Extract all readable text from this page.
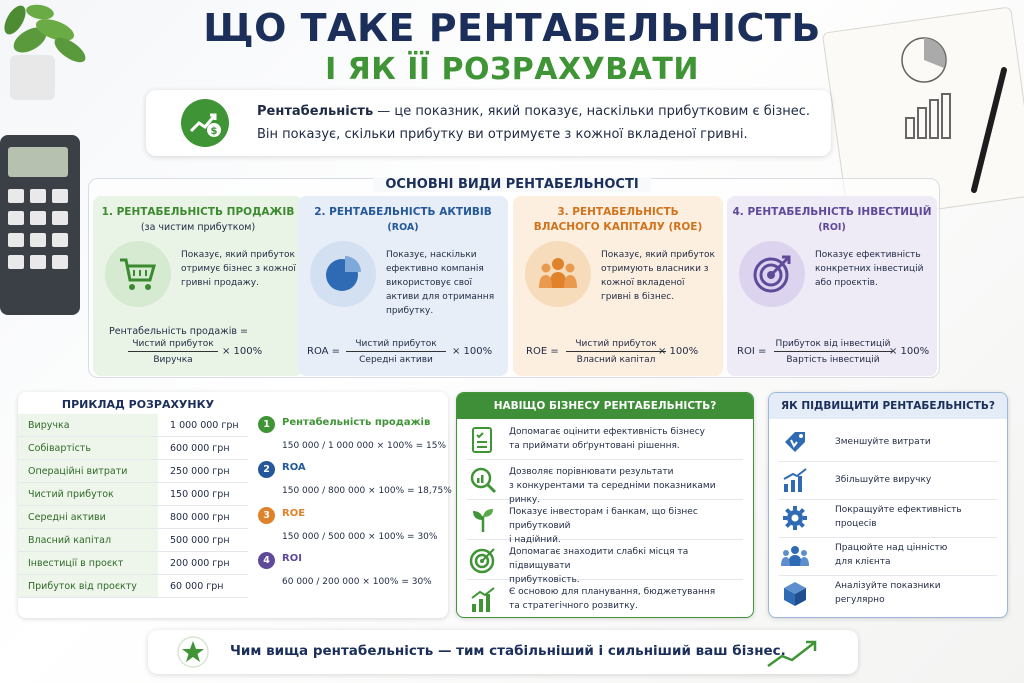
ЩО ТАКЕ РЕНТАБЕЛЬНІСТЬ
І ЯК ЇЇ РОЗРАХУВАТИ
$
Рентабельність — це показник, який показує, наскільки прибутковим є бізнес.
Він показує, скільки прибутку ви отримуєте з кожної вкладеної гривні.
ОСНОВНІ ВИДИ РЕНТАБЕЛЬНОСТІ
1. РЕНТАБЕЛЬНІСТЬ ПРОДАЖІВ
(за чистим прибутком)
Показує, який прибуток отримує бізнес з кожної гривні продажу.
Рентабельність продажів =
Чистий прибуток
Виручка
× 100%
2. РЕНТАБЕЛЬНІСТЬ АКТИВІВ
(ROA)
Показує, наскільки ефективно компанія використовує свої активи для отримання прибутку.
ROA =
Чистий прибуток
Середні активи
× 100%
3. РЕНТАБЕЛЬНІСТЬ
ВЛАСНОГО КАПІТАЛУ (ROE)
Показує, який прибуток отримують власники з кожної вкладеної гривні в бізнес.
ROE =
Чистий прибуток
Власний капітал
× 100%
4. РЕНТАБЕЛЬНІСТЬ ІНВЕСТИЦІЙ
(ROI)
Показує ефективність конкретних інвестицій або проєктів.
ROI =
Прибуток від інвестицій
Вартість інвестицій
× 100%
ПРИКЛАД РОЗРАХУНКУ
Виручка	1 000 000 грн
Собівартість	600 000 грн
Операційні витрати	250 000 грн
Чистий прибуток	150 000 грн
Середні активи	800 000 грн
Власний капітал	500 000 грн
Інвестиції в проєкт	200 000 грн
Прибуток від проєкту	60 000 грн
1	Рентабельність продажів
150 000 / 1 000 000 × 100% = 15%
2	ROA
150 000 / 800 000 × 100% = 18,75%
3	ROE
150 000 / 500 000 × 100% = 30%
4	ROI
60 000 / 200 000 × 100% = 30%
НАВІЩО БІЗНЕСУ РЕНТАБЕЛЬНІСТЬ?
Допомагає оцінити ефективність бізнесу
та приймати обґрунтовані рішення.
Дозволяє порівнювати результати
з конкурентами та середніми показниками ринку.
Показує інвесторам і банкам, що бізнес прибутковий
і надійний.
Допомагає знаходити слабкі місця та підвищувати
прибутковість.
Є основою для планування, бюджетування
та стратегічного розвитку.
ЯК ПІДВИЩИТИ РЕНТАБЕЛЬНІСТЬ?
Зменшуйте витрати
Збільшуйте виручку
Покращуйте ефективність
процесів
Працюйте над цінністю
для клієнта
Аналізуйте показники
регулярно
Чим вища рентабельність — тим стабільніший і сильніший ваш бізнес.
